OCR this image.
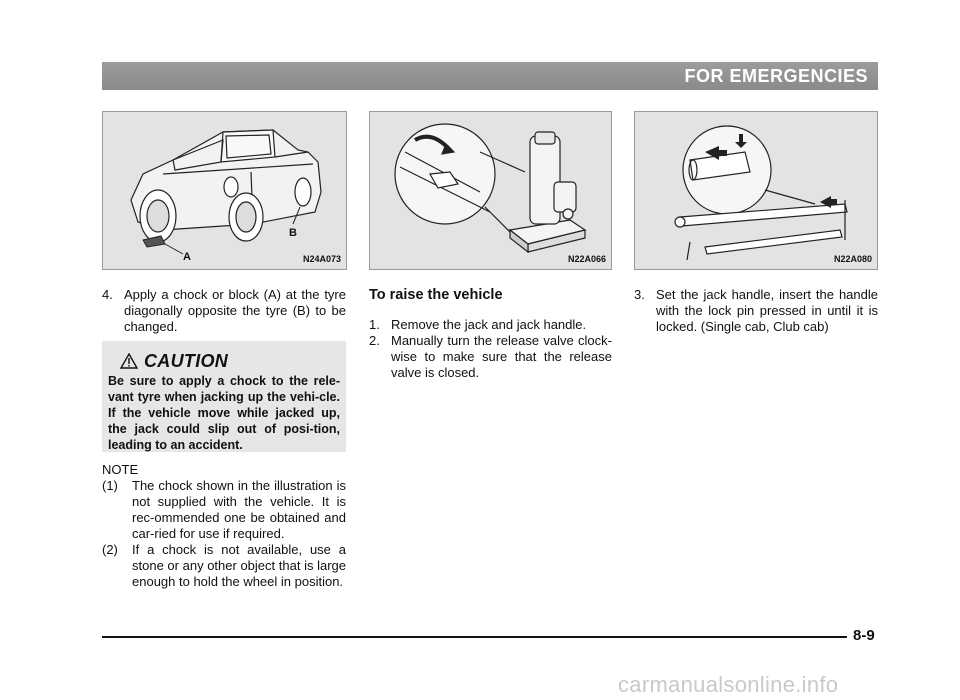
FOR EMERGENCIES
A
B
N24A073	N22A066	N22A080
4. Apply a chock or block (A) at the tyre diagonally opposite the tyre (B) to be changed.
CAUTION
Be sure to apply a chock to the rele-vant tyre when jacking up the vehi-cle. If the vehicle move while jacked up, the jack could slip out of posi-tion, leading to an accident.
NOTE
(1) The chock shown in the illustration is not supplied with the vehicle. It is rec-ommended one be obtained and car-ried for use if required.
(2) If a chock is not available, use a stone or any other object that is large enough to hold the wheel in position.
To raise the vehicle
1. Remove the jack and jack handle.
2. Manually turn the release valve clock-wise to make sure that the release valve is closed.
3. Set the jack handle, insert the handle with the lock pin pressed in until it is locked. (Single cab, Club cab)
8-9
carmanualsonline.info
